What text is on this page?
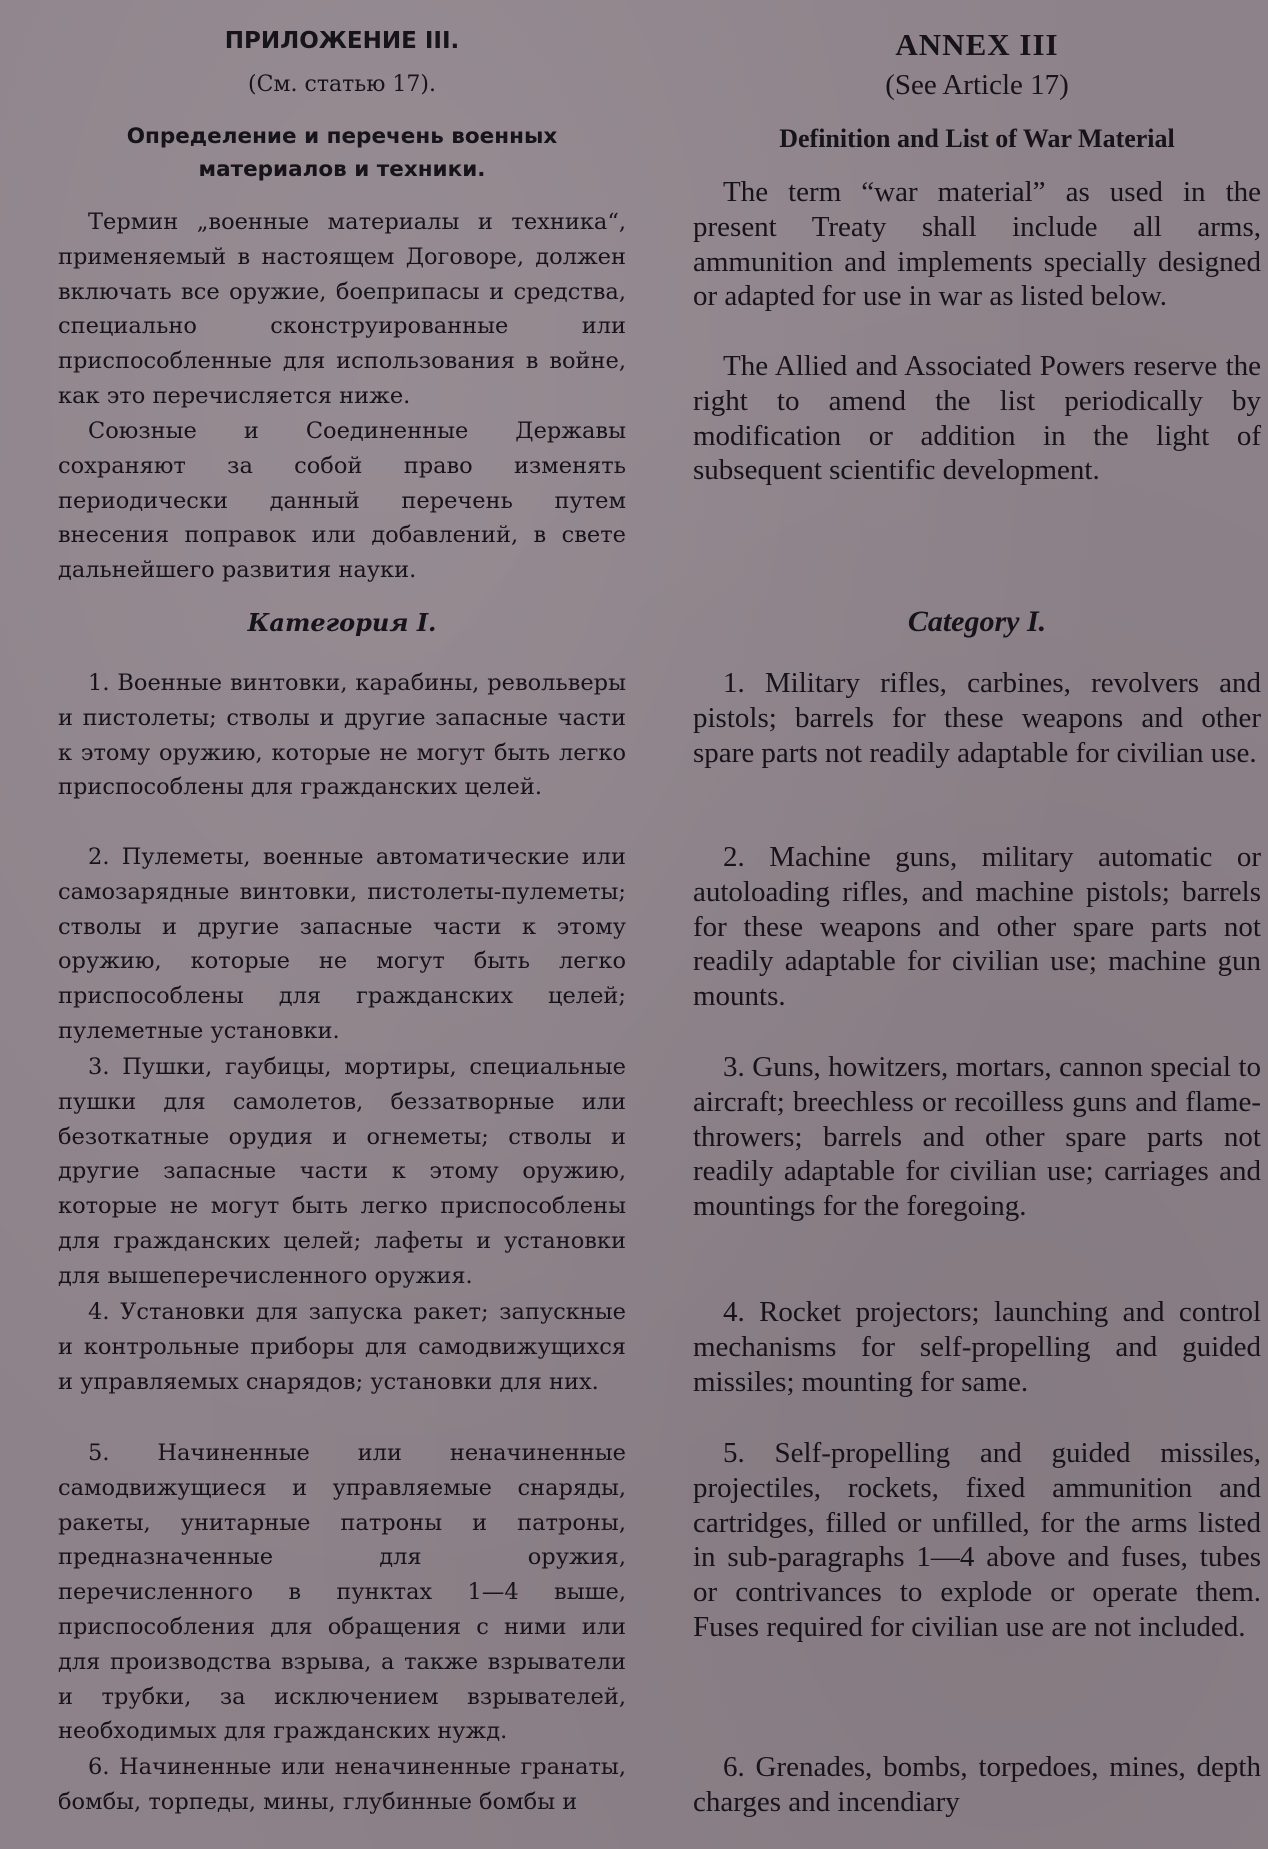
ПРИЛОЖЕНИЕ III.
(См. статью 17).
Определение и перечень военных материалов и техники.

Термин „военные материалы и техника“, применяемый в настоящем Договоре, должен включать все оружие, боеприпасы и средства, специально сконструированные или приспособленные для использования в войне, как это перечисляется ниже.

Союзные и Соединенные Державы сохраняют за собой право изменять периодически данный перечень путем внесения поправок или добавлений, в свете дальнейшего развития науки.

Категория I.

1. Военные винтовки, карабины, револьверы и пистолеты; стволы и другие запасные части к этому оружию, которые не могут быть легко приспособлены для гражданских целей.

2. Пулеметы, военные автоматические или самозарядные винтовки, пистолеты-пулеметы; стволы и другие запасные части к этому оружию, которые не могут быть легко приспособлены для гражданских целей; пулеметные установки.

3. Пушки, гаубицы, мортиры, специальные пушки для самолетов, беззатворные или безоткатные орудия и огнеметы; стволы и другие запасные части к этому оружию, которые не могут быть легко приспособлены для гражданских целей; лафеты и установки для вышеперечисленного оружия.

4. Установки для запуска ракет; запускные и контрольные приборы для самодвижущихся и управляемых снарядов; установки для них.

5. Начиненные или неначиненные самодвижущиеся и управляемые снаряды, ракеты, унитарные патроны и патроны, предназначенные для оружия, перечисленного в пунктах 1—4 выше, приспособления для обращения с ними или для производства взрыва, а также взрыватели и трубки, за исключением взрывателей, необходимых для гражданских нужд.

6. Начиненные или неначиненные гранаты, бомбы, торпеды, мины, глубинные бомбы и

ANNEX III
(See Article 17)
Definition and List of War Material

The term “war material” as used in the present Treaty shall include all arms, ammunition and implements specially designed or adapted for use in war as listed below.

The Allied and Associated Powers reserve the right to amend the list periodically by modification or addition in the light of subsequent scientific development.

Category I.

1. Military rifles, carbines, revolvers and pistols; barrels for these weapons and other spare parts not readily adaptable for civilian use.

2. Machine guns, military automatic or autoloading rifles, and machine pistols; barrels for these weapons and other spare parts not readily adaptable for civilian use; machine gun mounts.

3. Guns, howitzers, mortars, cannon special to aircraft; breechless or recoilless guns and flame-throwers; barrels and other spare parts not readily adaptable for civilian use; carriages and mountings for the foregoing.

4. Rocket projectors; launching and control mechanisms for self-propelling and guided missiles; mounting for same.

5. Self-propelling and guided missiles, projectiles, rockets, fixed ammunition and cartridges, filled or unfilled, for the arms listed in sub-paragraphs 1—4 above and fuses, tubes or contrivances to explode or operate them. Fuses required for civilian use are not included.

6. Grenades, bombs, torpedoes, mines, depth charges and incendiary
